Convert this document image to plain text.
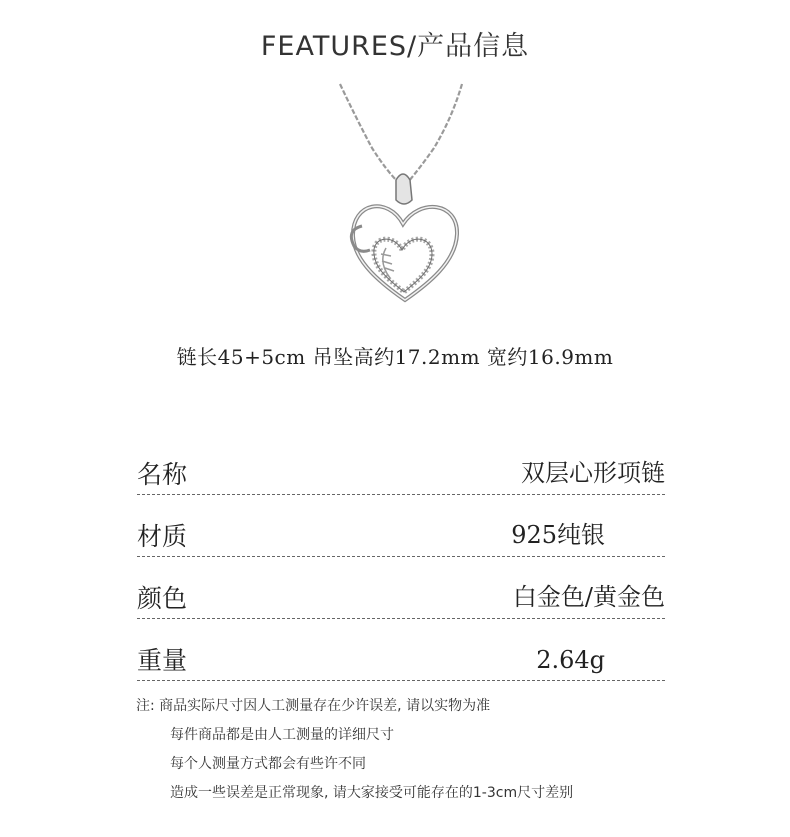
FEATURES/产品信息
链长45+5cm 吊坠高约17.2mm 宽约16.9mm
名称	双层心形项链
材质	925纯银
颜色	白金色/黄金色
重量	2.64g
注: 商品实际尺寸因人工测量存在少许误差, 请以实物为准
每件商品都是由人工测量的详细尺寸
每个人测量方式都会有些许不同
造成一些误差是正常现象, 请大家接受可能存在的1-3cm尺寸差别
